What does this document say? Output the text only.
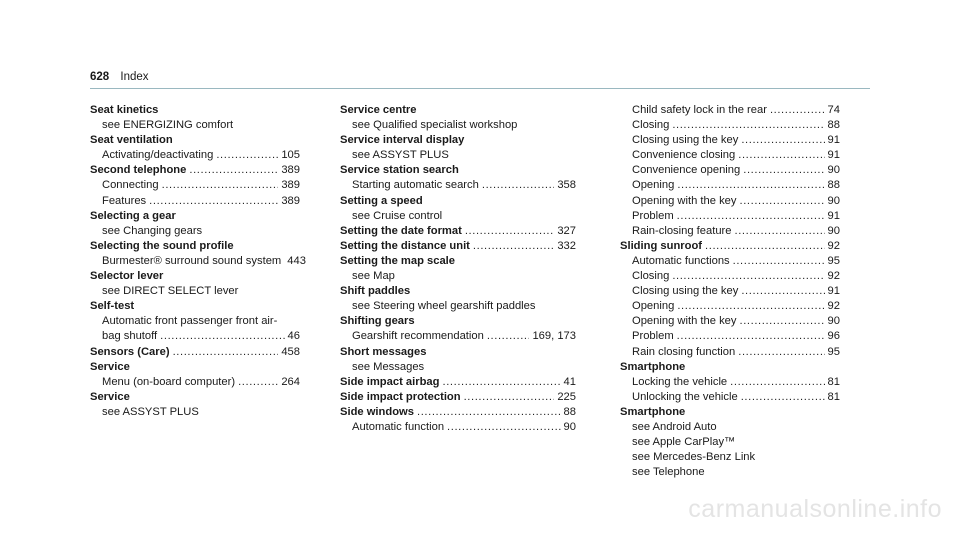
628 Index
Seat kinetics
see ENERGIZING comfort
Seat ventilation
Activating/deactivating .....	105
Second telephone .....	389
Connecting .....	389
Features .....	389
Selecting a gear
see Changing gears
Selecting the sound profile
Burmester® surround sound system 443
Selector lever
see DIRECT SELECT lever
Self-test
Automatic front passenger front air-
bag shutoff .....	46
Sensors (Care) .....	458
Service
Menu (on-board computer) .....	264
Service
see ASSYST PLUS
Service centre
see Qualified specialist workshop
Service interval display
see ASSYST PLUS
Service station search
Starting automatic search .....	358
Setting a speed
see Cruise control
Setting the date format .....	327
Setting the distance unit .....	332
Setting the map scale
see Map
Shift paddles
see Steering wheel gearshift paddles
Shifting gears
Gearshift recommendation .....	169, 173
Short messages
see Messages
Side impact airbag .....	41
Side impact protection .....	225
Side windows .....	88
Automatic function .....	90
Child safety lock in the rear .....	74
Closing .....	88
Closing using the key .....	91
Convenience closing .....	91
Convenience opening .....	90
Opening .....	88
Opening with the key .....	90
Problem .....	91
Rain-closing feature .....	90
Sliding sunroof .....	92
Automatic functions .....	95
Closing .....	92
Closing using the key .....	91
Opening .....	92
Opening with the key .....	90
Problem .....	96
Rain closing function .....	95
Smartphone
Locking the vehicle .....	81
Unlocking the vehicle .....	81
Smartphone
see Android Auto
see Apple CarPlay™
see Mercedes-Benz Link
see Telephone
carmanualsonline.info
